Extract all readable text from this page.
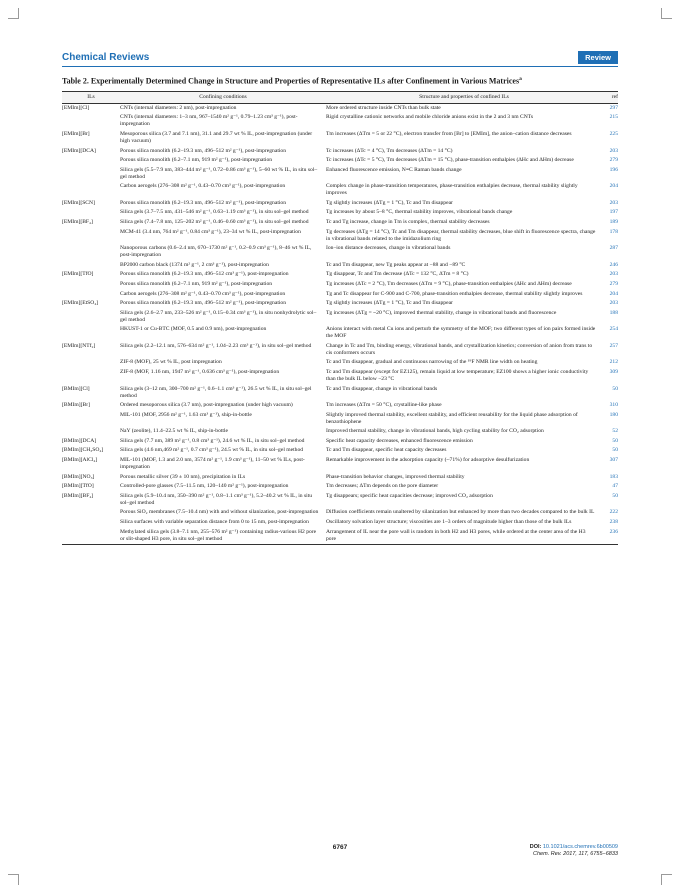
Chemical Reviews	Review
Table 2. Experimentally Determined Change in Structure and Properties of Representative ILs after Confinement in Various Matrices$^a$
ILs	Confining conditions	Structure and properties of confined ILs	ref
[EMIm][Cl]	CNTs (internal diameters: 2 nm), post-impregnation	More ordered structure inside CNTs than bulk state	297
	CNTs (internal diameters: 1–3 nm, 967–1540 m² g⁻¹, 0.79–1.23 cm³ g⁻¹), post-impregnation	Rigid crystalline cationic networks and mobile chloride anions exist in the 2 and 3 nm CNTs	215
[EMIm][Br]	Mesoporous silica (3.7 and 7.1 nm), 31.1 and 29.7 wt % IL, post-impregnation (under high vacuum)	Tm increases (ΔTm = 5 or 22 °C), electron transfer from [Br] to [EMIm], the anion–cation distance decreases	225
[EMIm][DCA]	Porous silica monolith (6.2–19.3 nm, 496–512 m² g⁻¹), post-impregnation	Tc increases (ΔTc = 4 °C), Tm decreases (ΔTm = 14 °C)	203
	Porous silica monolith (6.2–7.1 nm, 919 m² g⁻¹), post-impregnation	Tc increases (ΔTc = 5 °C), Tm decreases (ΔTm = 15 °C), phase-transition enthalpies (ΔHc and ΔHm) decrease	279
	Silica gels (5.5–7.9 nm, 383–444 m² g⁻¹, 0.72–0.86 cm³ g⁻¹), 5–60 wt % IL, in situ sol–gel method	Enhanced fluorescence emission, N≡C Raman bands change	196
	Carbon aerogels (276–308 m² g⁻¹, 0.43–0.70 cm³ g⁻¹), post-impregnation	Complex change in phase-transition temperatures, phase-transition enthalpies decrease, thermal stability slightly improves	204
[EMIm][SCN]	Porous silica monolith (6.2–19.3 nm, 496–512 m² g⁻¹), post-impregnation	Tg slightly increases (ΔTg = 1 °C), Tc and Tm disappear	203
	Silica gels (3.7–7.5 nm, 431–546 m² g⁻¹, 0.63–1.19 cm³ g⁻¹), in situ sol–gel method	Tg increases by about 5–8 °C, thermal stability improves, vibrational bands change	197
[EMIm][BF₄]	Silica gels (7.4–7.8 nm, 125–202 m² g⁻¹, 0.46–0.60 cm³ g⁻¹), in situ sol–gel method	Tc and Tg increase, change in Tm is complex, thermal stability decreases	189
	MCM-41 (3.4 nm, 764 m² g⁻¹, 0.84 cm³ g⁻¹), 23–34 wt % IL, post-impregnation	Tg decreases (ΔTg = 14 °C), Tc and Tm disappear, thermal stability decreases, blue shift in fluorescence spectra, change in vibrational bands related to the imidazolium ring	178
	Nanoporous carbons (0.6–2.4 nm, 670–1730 m² g⁻¹, 0.2–0.9 cm³ g⁻¹), 8–46 wt % IL, post-impregnation	Ion–ion distance decreases, change in vibrational bands	287
	BP2000 carbon black (1374 m² g⁻¹, 2 cm³ g⁻¹), post-impregnation	Tc and Tm disappear, new Tg peaks appear at −88 and −89 °C	246
[EMIm][TfO]	Porous silica monolith (6.2–19.3 nm, 496–512 cm³ g⁻¹), post-impregnation	Tg disappear, Tc and Tm decrease (ΔTc = 132 °C, ΔTm = 8 °C)	203
	Porous silica monolith (6.2–7.1 nm, 919 m² g⁻¹), post-impregnation	Tg increases (ΔTc = 2 °C), Tm decreases (ΔTm = 9 °C), phase-transition enthalpies (ΔHc and ΔHm) decrease	279
	Carbon aerogels (276–308 m² g⁻¹, 0.43–0.70 cm³ g⁻¹), post-impregnation	Tg and Tc disappear for C-900 and C-700, phase-transition enthalpies decrease, thermal stability slightly improves	204
[EMIm][EtSO₄]	Porous silica monolith (6.2–19.3 nm, 496–512 m² g⁻¹), post-impregnation	Tg slightly increases (ΔTg = 1 °C), Tc and Tm disappear	203
	Silica gels (2.6–2.7 nm, 233–526 m² g⁻¹, 0.15–0.34 cm³ g⁻¹), in situ nonhydrolytic sol–gel method	Tg increases (ΔTg = ~20 °C), improved thermal stability, change in vibrational bands and fluorescence	188
	HKUST-1 or Cu-BTC (MOF, 0.5 and 0.9 nm), post-impregnation	Anions interact with metal Cu ions and perturb the symmetry of the MOF; two different types of ion pairs formed inside the MOF	254
[EMIm][NTf₂]	Silica gels (2.2–12.1 nm, 576–634 m² g⁻¹, 1.04–2.23 cm³ g⁻¹), in situ sol–gel method	Change in Tc and Tm, binding energy, vibrational bands, and crystallization kinetics; conversion of anion from trans to cis conformers occurs	257
	ZIF-8 (MOF), 25 wt % IL, post impregnation	Tc and Tm disappear, gradual and continuous narrowing of the ¹⁹F NMR line width on heating	212
	ZIF-8 (MOF, 1.16 nm, 1947 m² g⁻¹, 0.636 cm³ g⁻¹), post-impregnation	Tc and Tm disappear (except for EZ125), remain liquid at low temperature; EZ100 shows a higher ionic conductivity than the bulk IL below −23 °C	309
[BMIm][Cl]	Silica gels (3–12 nm, 300–700 m² g⁻¹, 0.6–1.1 cm³ g⁻¹), 26.5 wt % IL, in situ sol–gel method	Tc and Tm disappear, change in vibrational bands	50
[BMIm][Br]	Ordered mesoporous silica (3.7 nm), post-impregnation (under high vacuum)	Tm increases (ΔTm = 50 °C), crystalline-like phase	310
	MIL-101 (MOF, 2956 m² g⁻¹, 1.63 cm³ g⁻¹), ship-in-bottle	Slightly improved thermal stability, excellent stability, and efficient reusability for the liquid phase adsorption of benzothiophene	180
	NaY (zeolite), 11.4–22.5 wt % IL, ship-in-bottle	Improved thermal stability, change in vibrational bands, high cycling stability for CO₂ adsorption	52
[BMIm][DCA]	Silica gels (7.7 nm, 389 m² g⁻¹, 0.8 cm³ g⁻¹), 24.6 wt % IL, in situ sol–gel method	Specific heat capacity decreases, enhanced fluorescence emission	50
[BMIm][CH₃SO₄]	Silica gels (4.6 nm,469 m² g⁻¹, 0.7 cm³ g⁻¹), 24.5 wt % IL, in situ sol–gel method	Tc and Tm disappear, specific heat capacity decreases	50
[BMIm][AlCl₄]	MIL-101 (MOF, 1.3 and 2.0 nm, 3574 m² g⁻¹, 1.9 cm³ g⁻¹), 11–50 wt % ILs, post-impregnation	Remarkable improvement in the adsorption capacity (~71%) for adsorptive desulfurization	307
[BMIm][NO₃]	Porous metallic silver (39 ± 10 nm), precipitation in ILs	Phase-transition behavior changes, improved thermal stability	183
[BMIm][TfO]	Controlled-pore glasses (7.5–11.5 nm, 120–140 m² g⁻¹), post-impregnation	Tm decreases; ΔTm depends on the pore diameter	47
[BMIm][BF₄]	Silica gels (5.9–10.4 nm, 350–390 m² g⁻¹, 0.8–1.1 cm³ g⁻¹), 5.2–40.2 wt % IL, in situ sol–gel method	Tg disappears; specific heat capacities decrease; improved CO₂ adsorption	50
	Porous SiO₂ membranes (7.5–10.4 nm) with and without silanization, post-impregnation	Diffusion coefficients remain unaltered by silanization but enhanced by more than two decades compared to the bulk IL	222
	Silica surfaces with variable separation distance from 0 to 15 nm, post-impregnation	Oscillatory solvation layer structure; viscosities are 1–3 orders of magnitude higher than those of the bulk ILs	238
	Methylated silica gels (3.8–7.1 nm, 255–576 m² g⁻¹) containing radius-various H2 pore or slit-shaped H3 pore, in situ sol–gel method	Arrangement of IL near the pore wall is random in both H2 and H3 pores, while ordered at the center area of the H3 pore	236
6767	DOI: 10.1021/acs.chemrev.6b00509
Chem. Rev. 2017, 117, 6755−6833
